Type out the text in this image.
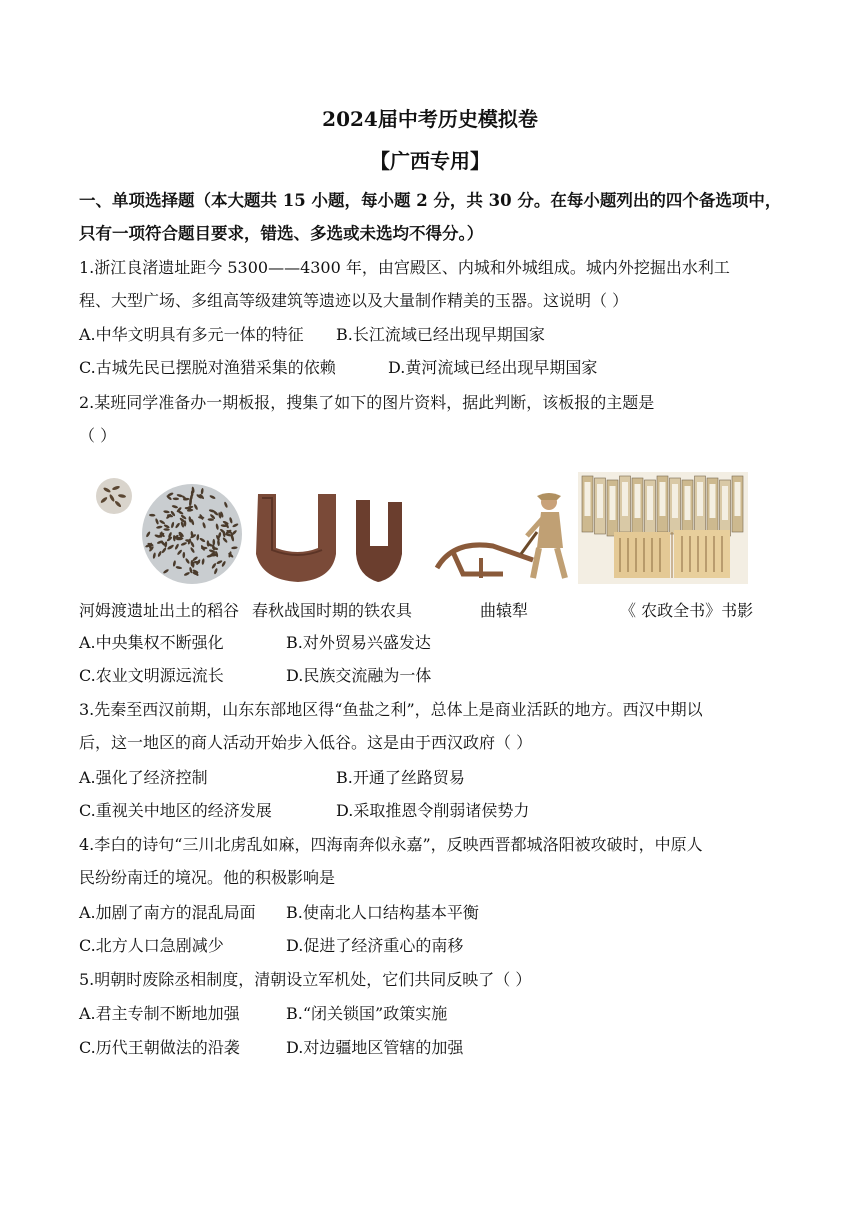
2024届中考历史模拟卷
【广西专用】
一、单项选择题（本大题共 15 小题，每小题 2 分，共 30 分。在每小题列出的四个备选项中，
只有一项符合题目要求，错选、多选或未选均不得分。）
1.浙江良渚遗址距今 5300——4300 年，由宫殿区、内城和外城组成。城内外挖掘出水利工
程、大型广场、多组高等级建筑等遗迹以及大量制作精美的玉器。这说明（ ）
A.中华文明具有多元一体的特征 B.长江流域已经出现早期国家
C.古城先民已摆脱对渔猎采集的依赖	D.黄河流域已经出现早期国家
2.某班同学准备办一期板报，搜集了如下的图片资料，据此判断，该板报的主题是
（ ）
河姆渡遗址出土的稻谷 春秋战国时期的铁农具	曲辕犁	《 农政全书》书影
A.中央集权不断强化	B.对外贸易兴盛发达
C.农业文明源远流长	D.民族交流融为一体
3.先秦至西汉前期，山东东部地区得“鱼盐之利”，总体上是商业活跃的地方。西汉中期以
后，这一地区的商人活动开始步入低谷。这是由于西汉政府（ ）
A.强化了经济控制	B.开通了丝路贸易
C.重视关中地区的经济发展	D.采取推恩令削弱诸侯势力
4.李白的诗句“三川北虏乱如麻，四海南奔似永嘉”，反映西晋都城洛阳被攻破时，中原人
民纷纷南迁的境况。他的积极影响是
A.加剧了南方的混乱局面 B.使南北人口结构基本平衡
C.北方人口急剧减少	D.促进了经济重心的南移
5.明朝时废除丞相制度，清朝设立军机处，它们共同反映了（ ）
A.君主专制不断地加强	B.“闭关锁国”政策实施
C.历代王朝做法的沿袭	D.对边疆地区管辖的加强
